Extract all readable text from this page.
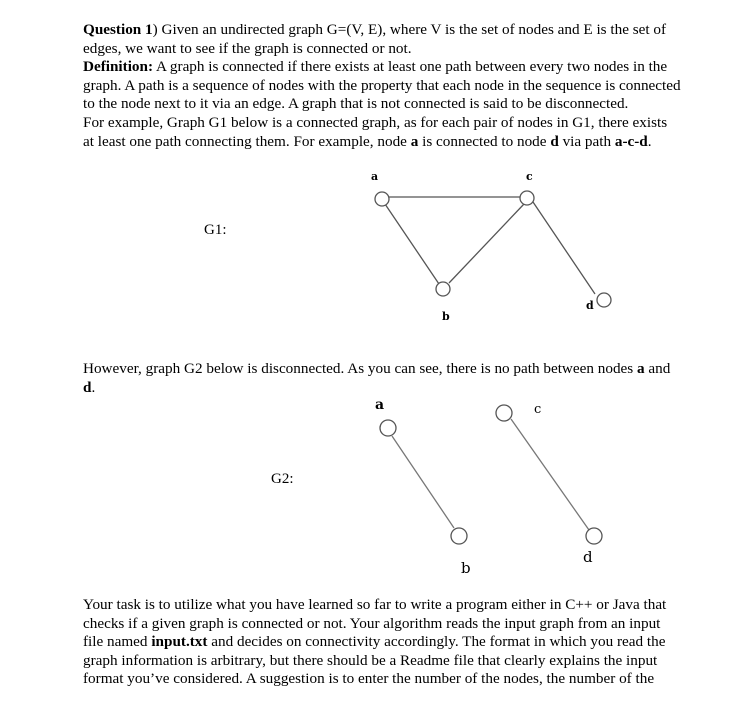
Question 1) Given an undirected graph G=(V, E), where V is the set of nodes and E is the set of
edges, we want to see if the graph is connected or not.
Definition: A graph is connected if there exists at least one path between every two nodes in the
graph. A path is a sequence of nodes with the property that each node in the sequence is connected
to the node next to it via an edge. A graph that is not connected is said to be disconnected.
For example, Graph G1 below is a connected graph, as for each pair of nodes in G1, there exists
at least one path connecting them. For example, node a is connected to node d via path a-c-d.
G1:
a	c
b
d
However, graph G2 below is disconnected. As you can see, there is no path between nodes a and
d.
G2:
a	c
b
d
Your task is to utilize what you have learned so far to write a program either in C++ or Java that
checks if a given graph is connected or not. Your algorithm reads the input graph from an input
file named input.txt and decides on connectivity accordingly. The format in which you read the
graph information is arbitrary, but there should be a Readme file that clearly explains the input
format you’ve considered. A suggestion is to enter the number of the nodes, the number of the
